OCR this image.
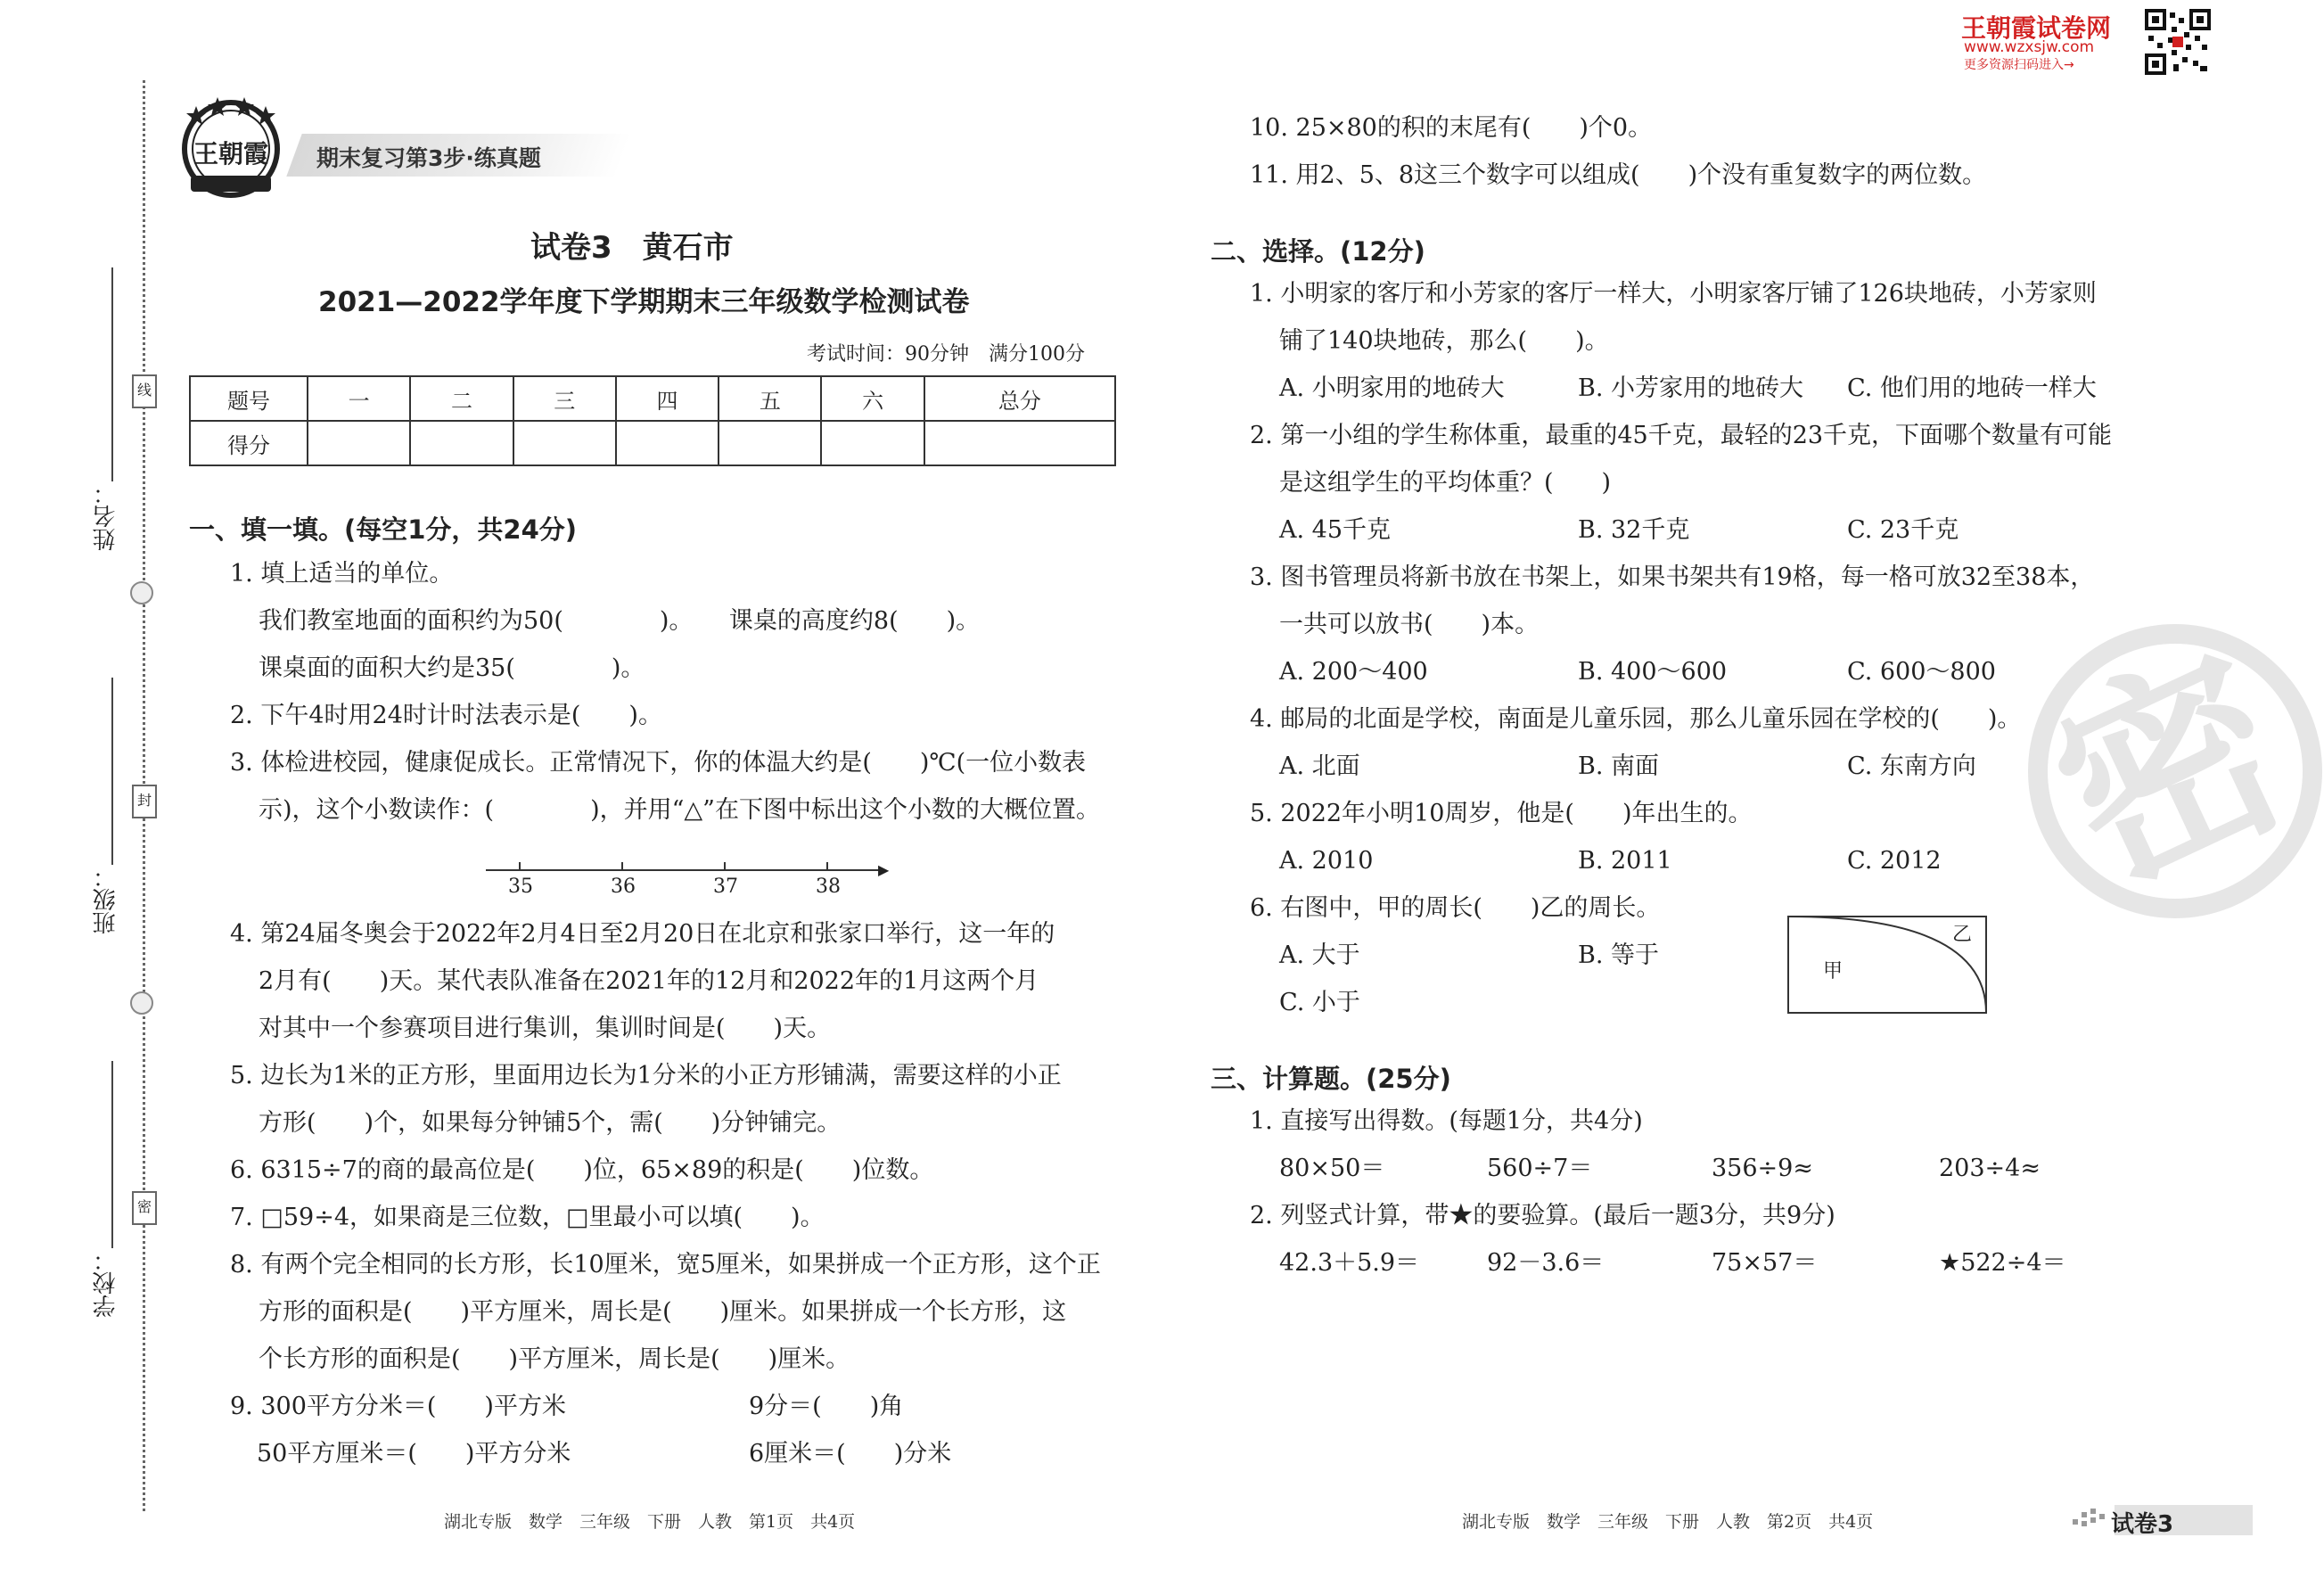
线
封
密
姓名：
班级：
学校：
王朝霞	期末复习第3步·练真题
王朝霞试卷网
www.wzxsjw.com
更多资源扫码进入→
试卷3　黄石市
2021—2022学年度下学期期末三年级数学检测试卷
考试时间：90分钟　满分100分
题号	一	二	三	四	五	六	总分
得分							
一、填一填。(每空1分，共24分)
1. 填上适当的单位。
我们教室地面的面积约为50(　　　　)。　　课桌的高度约8(　　)。
课桌面的面积大约是35(　　　　)。
2. 下午4时用24时计时法表示是(　　)。
3. 体检进校园，健康促成长。正常情况下，你的体温大约是(　　)℃(一位小数表
示)，这个小数读作：(　　　　)，并用“△”在下图中标出这个小数的大概位置。
▶
35	36	37	38
4. 第24届冬奥会于2022年2月4日至2月20日在北京和张家口举行，这一年的
2月有(　　)天。某代表队准备在2021年的12月和2022年的1月这两个月
对其中一个参赛项目进行集训，集训时间是(　　)天。
5. 边长为1米的正方形，里面用边长为1分米的小正方形铺满，需要这样的小正
方形(　　)个，如果每分钟铺5个，需(　　)分钟铺完。
6. 6315÷7的商的最高位是(　　)位，65×89的积是(　　)位数。
7. □59÷4，如果商是三位数，□里最小可以填(　　)。
8. 有两个完全相同的长方形，长10厘米，宽5厘米，如果拼成一个正方形，这个正
方形的面积是(　　)平方厘米，周长是(　　)厘米。如果拼成一个长方形，这
个长方形的面积是(　　)平方厘米，周长是(　　)厘米。
9. 300平方分米＝(　　)平方米	9分＝(　　)角
50平方厘米＝(　　)平方分米	6厘米＝(　　)分米
湖北专版　数学　三年级　下册　人教　第1页　共4页
密
10. 25×80的积的末尾有(　　)个0。
11. 用2、5、8这三个数字可以组成(　　)个没有重复数字的两位数。
二、选择。(12分)
1. 小明家的客厅和小芳家的客厅一样大，小明家客厅铺了126块地砖，小芳家则
铺了140块地砖，那么(　　)。
A. 小明家用的地砖大	B. 小芳家用的地砖大 C. 他们用的地砖一样大
2. 第一小组的学生称体重，最重的45千克，最轻的23千克，下面哪个数量有可能
是这组学生的平均体重？(　　)
A. 45千克	B. 32千克	C. 23千克
3. 图书管理员将新书放在书架上，如果书架共有19格，每一格可放32至38本，
一共可以放书(　　)本。
A. 200～400	B. 400～600	C. 600～800
4. 邮局的北面是学校，南面是儿童乐园，那么儿童乐园在学校的(　　)。
A. 北面	B. 南面	C. 东南方向
5. 2022年小明10周岁，他是(　　)年出生的。
A. 2010	B. 2011	C. 2012
6. 右图中，甲的周长(　　)乙的周长。
A. 大于	B. 等于
C. 小于
甲
乙
三、计算题。(25分)
1. 直接写出得数。(每题1分，共4分)
80×50＝	560÷7＝	356÷9≈	203÷4≈
2. 列竖式计算，带★的要验算。(最后一题3分，共9分)
42.3＋5.9＝	92－3.6＝	75×57＝	★522÷4＝
湖北专版　数学　三年级　下册　人教　第2页　共4页	试卷3
